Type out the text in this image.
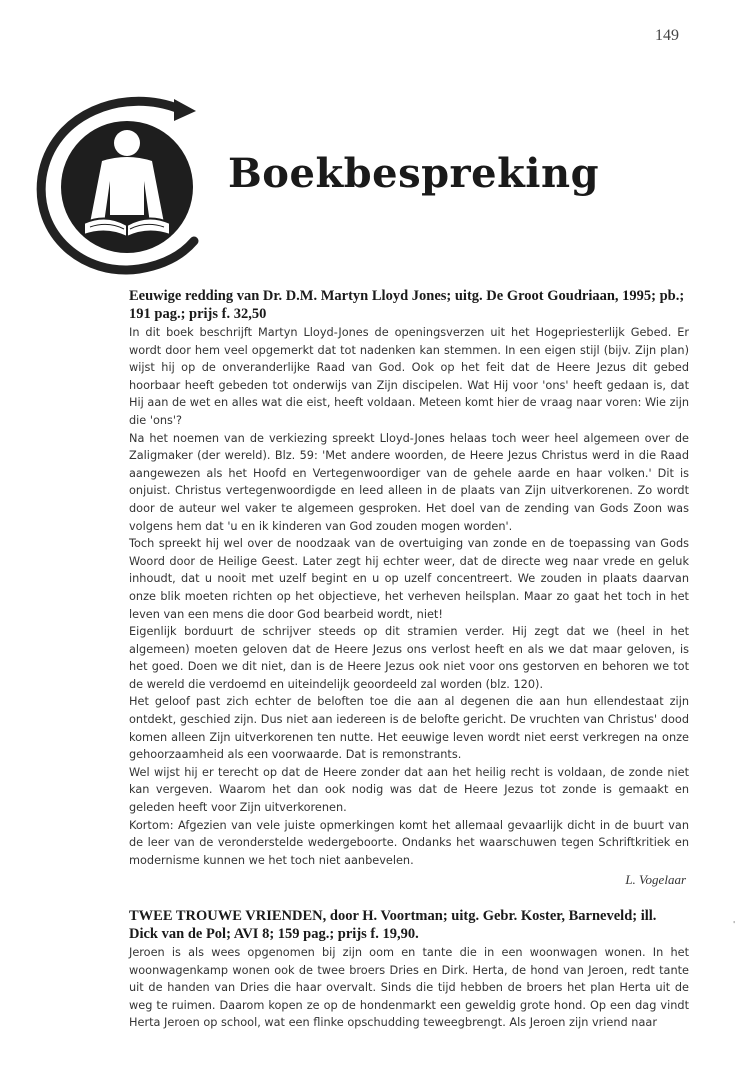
149
Boekbespreking
Eeuwige redding van Dr. D.M. Martyn Lloyd Jones; uitg. De Groot Goudriaan, 1995; pb.; 191 pag.; prijs f. 32,50

In dit boek beschrijft Martyn Lloyd-Jones de openingsverzen uit het Hogepriesterlijk Gebed. Er wordt door hem veel opgemerkt dat tot nadenken kan stemmen. In een eigen stijl (bijv. Zijn plan) wijst hij op de onveranderlijke Raad van God. Ook op het feit dat de Heere Jezus dit gebed hoorbaar heeft gebeden tot onderwijs van Zijn discipelen. Wat Hij voor 'ons' heeft gedaan is, dat Hij aan de wet en alles wat die eist, heeft voldaan. Meteen komt hier de vraag naar voren: Wie zijn die 'ons'?

Na het noemen van de verkiezing spreekt Lloyd-Jones helaas toch weer heel algemeen over de Zaligmaker (der wereld). Blz. 59: 'Met andere woorden, de Heere Jezus Christus werd in die Raad aangewezen als het Hoofd en Vertegenwoordiger van de gehele aarde en haar volken.' Dit is onjuist. Christus vertegenwoordigde en leed alleen in de plaats van Zijn uitverkorenen. Zo wordt door de auteur wel vaker te algemeen gesproken. Het doel van de zending van Gods Zoon was volgens hem dat 'u en ik kinderen van God zouden mogen worden'.

Toch spreekt hij wel over de noodzaak van de overtuiging van zonde en de toepassing van Gods Woord door de Heilige Geest. Later zegt hij echter weer, dat de directe weg naar vrede en geluk inhoudt, dat u nooit met uzelf begint en u op uzelf concentreert. We zouden in plaats daarvan onze blik moeten richten op het objectieve, het verheven heilsplan. Maar zo gaat het toch in het leven van een mens die door God bearbeid wordt, niet!

Eigenlijk borduurt de schrijver steeds op dit stramien verder. Hij zegt dat we (heel in het algemeen) moeten geloven dat de Heere Jezus ons verlost heeft en als we dat maar geloven, is het goed. Doen we dit niet, dan is de Heere Jezus ook niet voor ons gestorven en behoren we tot de wereld die verdoemd en uiteindelijk geoordeeld zal worden (blz. 120).

Het geloof past zich echter de beloften toe die aan al degenen die aan hun ellendestaat zijn ontdekt, geschied zijn. Dus niet aan iedereen is de belofte gericht. De vruchten van Christus' dood komen alleen Zijn uitverkorenen ten nutte. Het eeuwige leven wordt niet eerst verkregen na onze gehoorzaamheid als een voorwaarde. Dat is remonstrants.

Wel wijst hij er terecht op dat de Heere zonder dat aan het heilig recht is voldaan, de zonde niet kan vergeven. Waarom het dan ook nodig was dat de Heere Jezus tot zonde is gemaakt en geleden heeft voor Zijn uitverkorenen.

Kortom: Afgezien van vele juiste opmerkingen komt het allemaal gevaarlijk dicht in de buurt van de leer van de veronderstelde wedergeboorte. Ondanks het waarschuwen tegen Schriftkritiek en modernisme kunnen we het toch niet aanbevelen.

L. Vogelaar
TWEE TROUWE VRIENDEN, door H. Voortman; uitg. Gebr. Koster, Barneveld; ill. Dick van de Pol; AVI 8; 159 pag.; prijs f. 19,90.

Jeroen is als wees opgenomen bij zijn oom en tante die in een woonwagen wonen. In het woonwagenkamp wonen ook de twee broers Dries en Dirk. Herta, de hond van Jeroen, redt tante uit de handen van Dries die haar overvalt. Sinds die tijd hebben de broers het plan Herta uit de weg te ruimen. Daarom kopen ze op de hondenmarkt een geweldig grote hond. Op een dag vindt Herta Jeroen op school, wat een flinke opschudding teweegbrengt. Als Jeroen zijn vriend naar

'
